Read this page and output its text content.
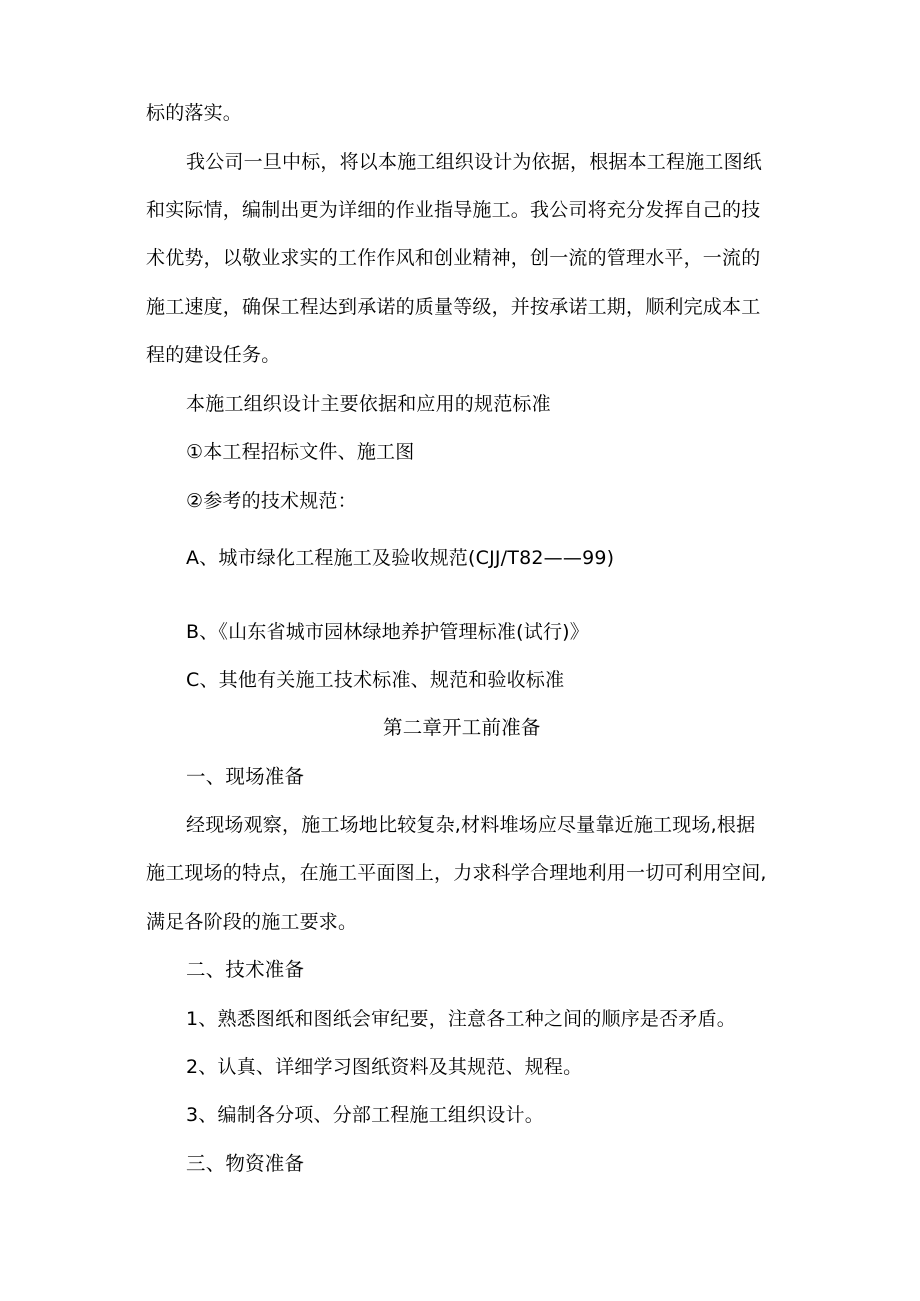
标的落实。
我公司一旦中标，将以本施工组织设计为依据，根据本工程施工图纸
和实际情，编制出更为详细的作业指导施工。我公司将充分发挥自己的技
术优势，以敬业求实的工作作风和创业精神，创一流的管理水平，一流的
施工速度，确保工程达到承诺的质量等级，并按承诺工期，顺利完成本工
程的建设任务。
本施工组织设计主要依据和应用的规范标准
①本工程招标文件、施工图
②参考的技术规范：
A、城市绿化工程施工及验收规范(CJJ/T82——99)
B、《山东省城市园林绿地养护管理标准(试行)》
C、其他有关施工技术标准、规范和验收标准
第二章开工前准备
一、现场准备
经现场观察，施工场地比较复杂,材料堆场应尽量靠近施工现场,根据
施工现场的特点，在施工平面图上，力求科学合理地利用一切可利用空间,
满足各阶段的施工要求。
二、技术准备
1、熟悉图纸和图纸会审纪要，注意各工种之间的顺序是否矛盾。
2、认真、详细学习图纸资料及其规范、规程。
3、编制各分项、分部工程施工组织设计。
三、物资准备
